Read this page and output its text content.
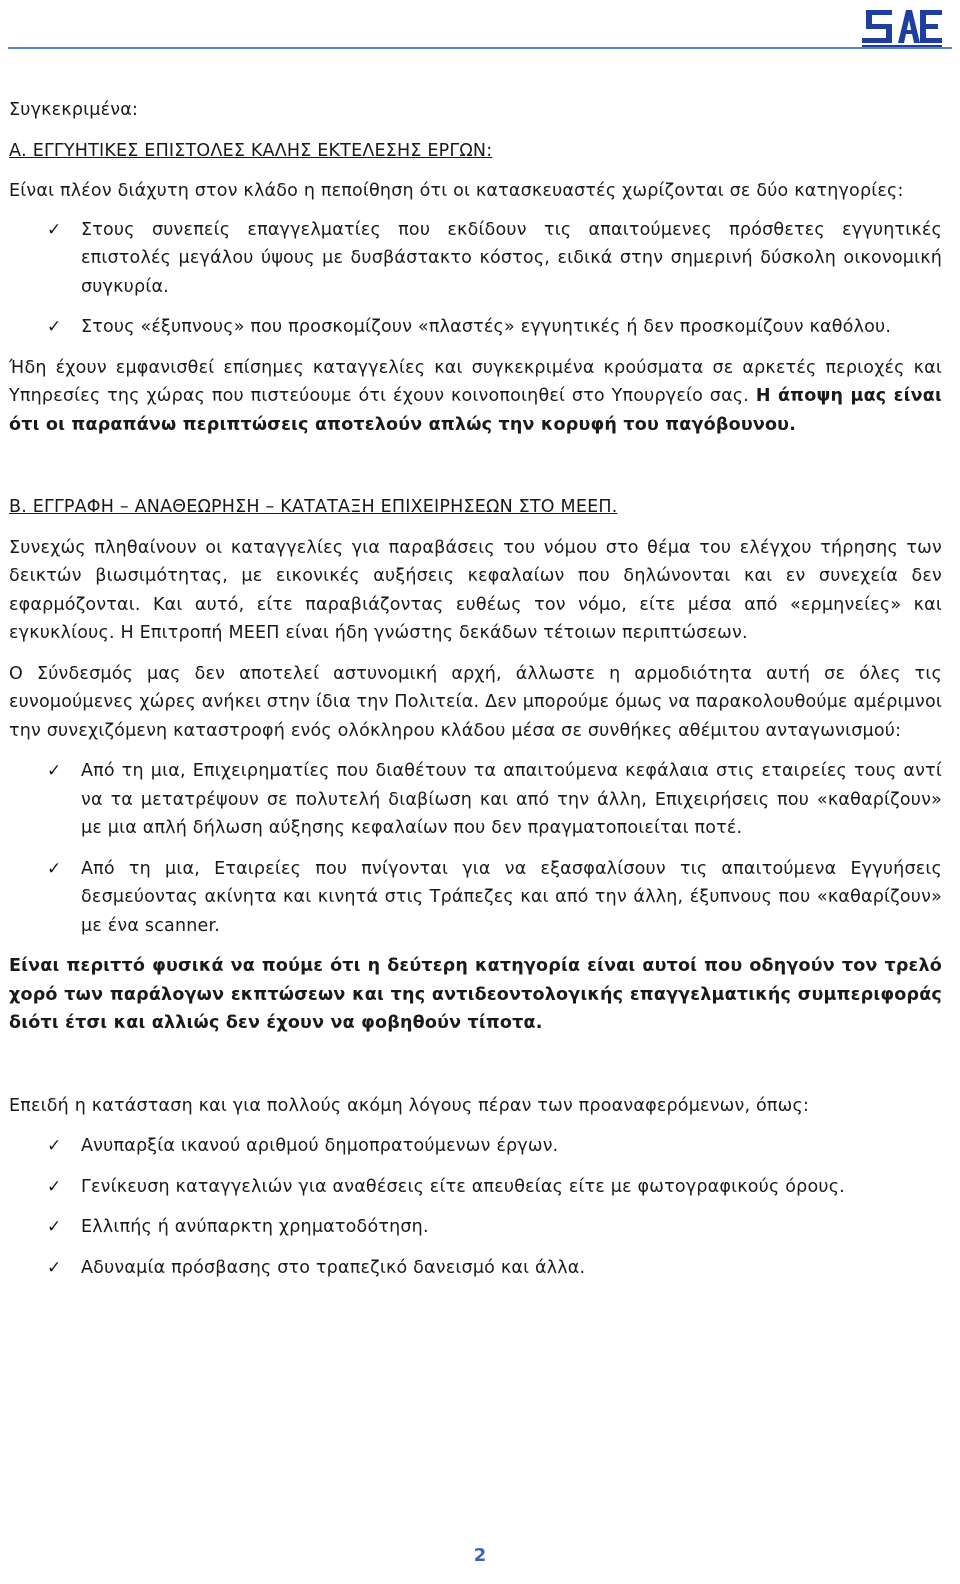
Συγκεκριμένα:

Α. ΕΓΓΥΗΤΙΚΕΣ ΕΠΙΣΤΟΛΕΣ ΚΑΛΗΣ ΕΚΤΕΛΕΣΗΣ ΕΡΓΩΝ:

Είναι πλέον διάχυτη στον κλάδο η πεποίθηση ότι οι κατασκευαστές χωρίζονται σε δύο κατηγορίες:

✓ Στους συνεπείς επαγγελματίες που εκδίδουν τις απαιτούμενες πρόσθετες εγγυητικές επιστολές μεγάλου ύψους με δυσβάστακτο κόστος, ειδικά στην σημερινή δύσκολη οικονομική συγκυρία.
✓ Στους «έξυπνους» που προσκομίζουν «πλαστές» εγγυητικές ή δεν προσκομίζουν καθόλου.

Ήδη έχουν εμφανισθεί επίσημες καταγγελίες και συγκεκριμένα κρούσματα σε αρκετές περιοχές και Υπηρεσίες της χώρας που πιστεύουμε ότι έχουν κοινοποιηθεί στο Υπουργείο σας. Η άποψη μας είναι ότι οι παραπάνω περιπτώσεις αποτελούν απλώς την κορυφή του παγόβουνου.

Β. ΕΓΓΡΑΦΗ – ΑΝΑΘΕΩΡΗΣΗ – ΚΑΤΑΤΑΞΗ ΕΠΙΧΕΙΡΗΣΕΩΝ ΣΤΟ ΜΕΕΠ.

Συνεχώς πληθαίνουν οι καταγγελίες για παραβάσεις του νόμου στο θέμα του ελέγχου τήρησης των δεικτών βιωσιμότητας, με εικονικές αυξήσεις κεφαλαίων που δηλώνονται και εν συνεχεία δεν εφαρμόζονται. Και αυτό, είτε παραβιάζοντας ευθέως τον νόμο, είτε μέσα από «ερμηνείες» και εγκυκλίους. Η Επιτροπή ΜΕΕΠ είναι ήδη γνώστης δεκάδων τέτοιων περιπτώσεων.

Ο Σύνδεσμός μας δεν αποτελεί αστυνομική αρχή, άλλωστε η αρμοδιότητα αυτή σε όλες τις ευνομούμενες χώρες ανήκει στην ίδια την Πολιτεία. Δεν μπορούμε όμως να παρακολουθούμε αμέριμνοι την συνεχιζόμενη καταστροφή ενός ολόκληρου κλάδου μέσα σε συνθήκες αθέμιτου ανταγωνισμού:

✓ Από τη μια, Επιχειρηματίες που διαθέτουν τα απαιτούμενα κεφάλαια στις εταιρείες τους αντί να τα μετατρέψουν σε πολυτελή διαβίωση και από την άλλη, Επιχειρήσεις που «καθαρίζουν» με μια απλή δήλωση αύξησης κεφαλαίων που δεν πραγματοποιείται ποτέ.
✓ Από τη μια, Εταιρείες που πνίγονται για να εξασφαλίσουν τις απαιτούμενα Εγγυήσεις δεσμεύοντας ακίνητα και κινητά στις Τράπεζες και από την άλλη, έξυπνους που «καθαρίζουν» με ένα scanner.

Είναι περιττό φυσικά να πούμε ότι η δεύτερη κατηγορία είναι αυτοί που οδηγούν τον τρελό χορό των παράλογων εκπτώσεων και της αντιδεοντολογικής επαγγελματικής συμπεριφοράς διότι έτσι και αλλιώς δεν έχουν να φοβηθούν τίποτα.

Επειδή η κατάσταση και για πολλούς ακόμη λόγους πέραν των προαναφερόμενων, όπως:

✓ Ανυπαρξία ικανού αριθμού δημοπρατούμενων έργων.
✓ Γενίκευση καταγγελιών για αναθέσεις είτε απευθείας είτε με φωτογραφικούς όρους.
✓ Ελλιπής ή ανύπαρκτη χρηματοδότηση.
✓ Αδυναμία πρόσβασης στο τραπεζικό δανεισμό και άλλα.
2
